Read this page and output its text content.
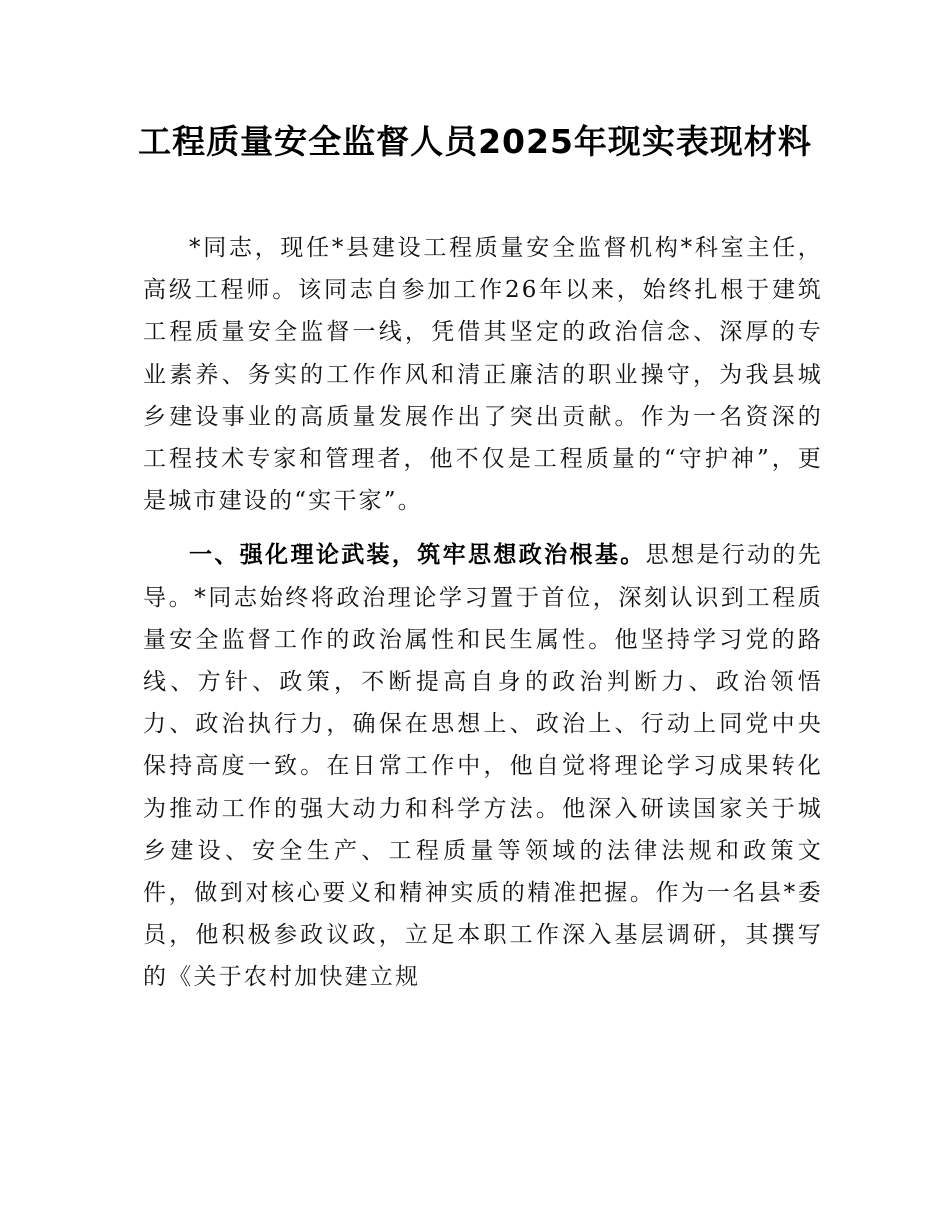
工程质量安全监督人员2025年现实表现材料

*同志，现任*县建设工程质量安全监督机构*科室主任，高级工程师。该同志自参加工作26年以来，始终扎根于建筑工程质量安全监督一线，凭借其坚定的政治信念、深厚的专业素养、务实的工作作风和清正廉洁的职业操守，为我县城乡建设事业的高质量发展作出了突出贡献。作为一名资深的工程技术专家和管理者，他不仅是工程质量的“守护神”，更是城市建设的“实干家”。

一、强化理论武装，筑牢思想政治根基。思想是行动的先导。*同志始终将政治理论学习置于首位，深刻认识到工程质量安全监督工作的政治属性和民生属性。他坚持学习党的路线、方针、政策，不断提高自身的政治判断力、政治领悟力、政治执行力，确保在思想上、政治上、行动上同党中央保持高度一致。在日常工作中，他自觉将理论学习成果转化为推动工作的强大动力和科学方法。他深入研读国家关于城乡建设、安全生产、工程质量等领域的法律法规和政策文件，做到对核心要义和精神实质的精准把握。作为一名县*委员，他积极参政议政，立足本职工作深入基层调研，其撰写的《关于农村加快建立规
